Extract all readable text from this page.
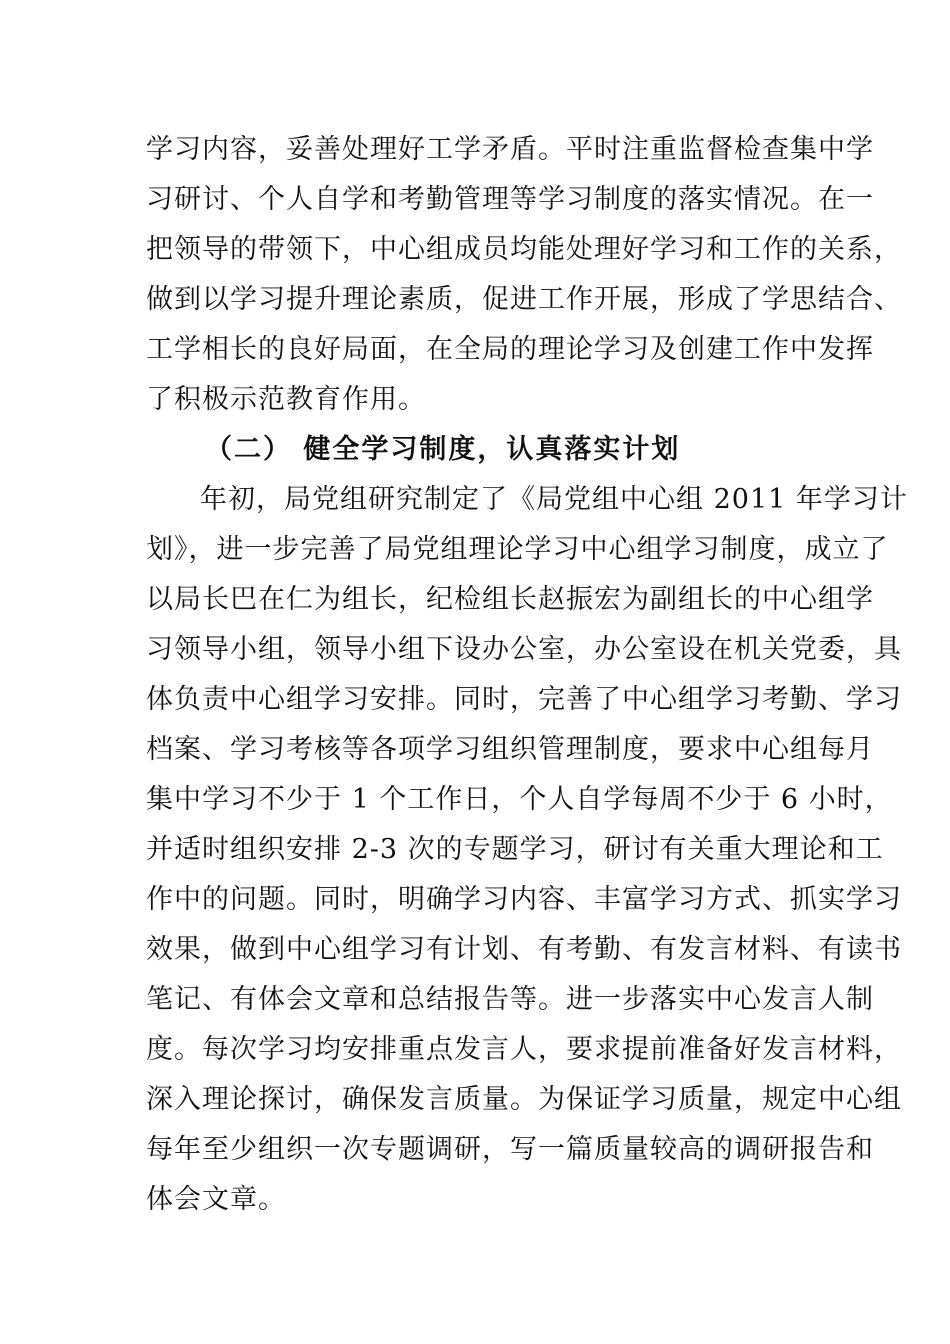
学习内容，妥善处理好工学矛盾。平时注重监督检查集中学
习研讨、个人自学和考勤管理等学习制度的落实情况。在一
把领导的带领下，中心组成员均能处理好学习和工作的关系，
做到以学习提升理论素质，促进工作开展，形成了学思结合、
工学相长的良好局面，在全局的理论学习及创建工作中发挥
了积极示范教育作用。
（二） 健全学习制度，认真落实计划
年初，局党组研究制定了《局党组中心组 2011 年学习计
划》，进一步完善了局党组理论学习中心组学习制度，成立了
以局长巴在仁为组长，纪检组长赵振宏为副组长的中心组学
习领导小组，领导小组下设办公室，办公室设在机关党委，具
体负责中心组学习安排。同时，完善了中心组学习考勤、学习
档案、学习考核等各项学习组织管理制度，要求中心组每月
集中学习不少于 1 个工作日，个人自学每周不少于 6 小时，
并适时组织安排 2-3 次的专题学习，研讨有关重大理论和工
作中的问题。同时，明确学习内容、丰富学习方式、抓实学习
效果，做到中心组学习有计划、有考勤、有发言材料、有读书
笔记、有体会文章和总结报告等。进一步落实中心发言人制
度。每次学习均安排重点发言人，要求提前准备好发言材料，
深入理论探讨，确保发言质量。为保证学习质量，规定中心组
每年至少组织一次专题调研，写一篇质量较高的调研报告和
体会文章。
